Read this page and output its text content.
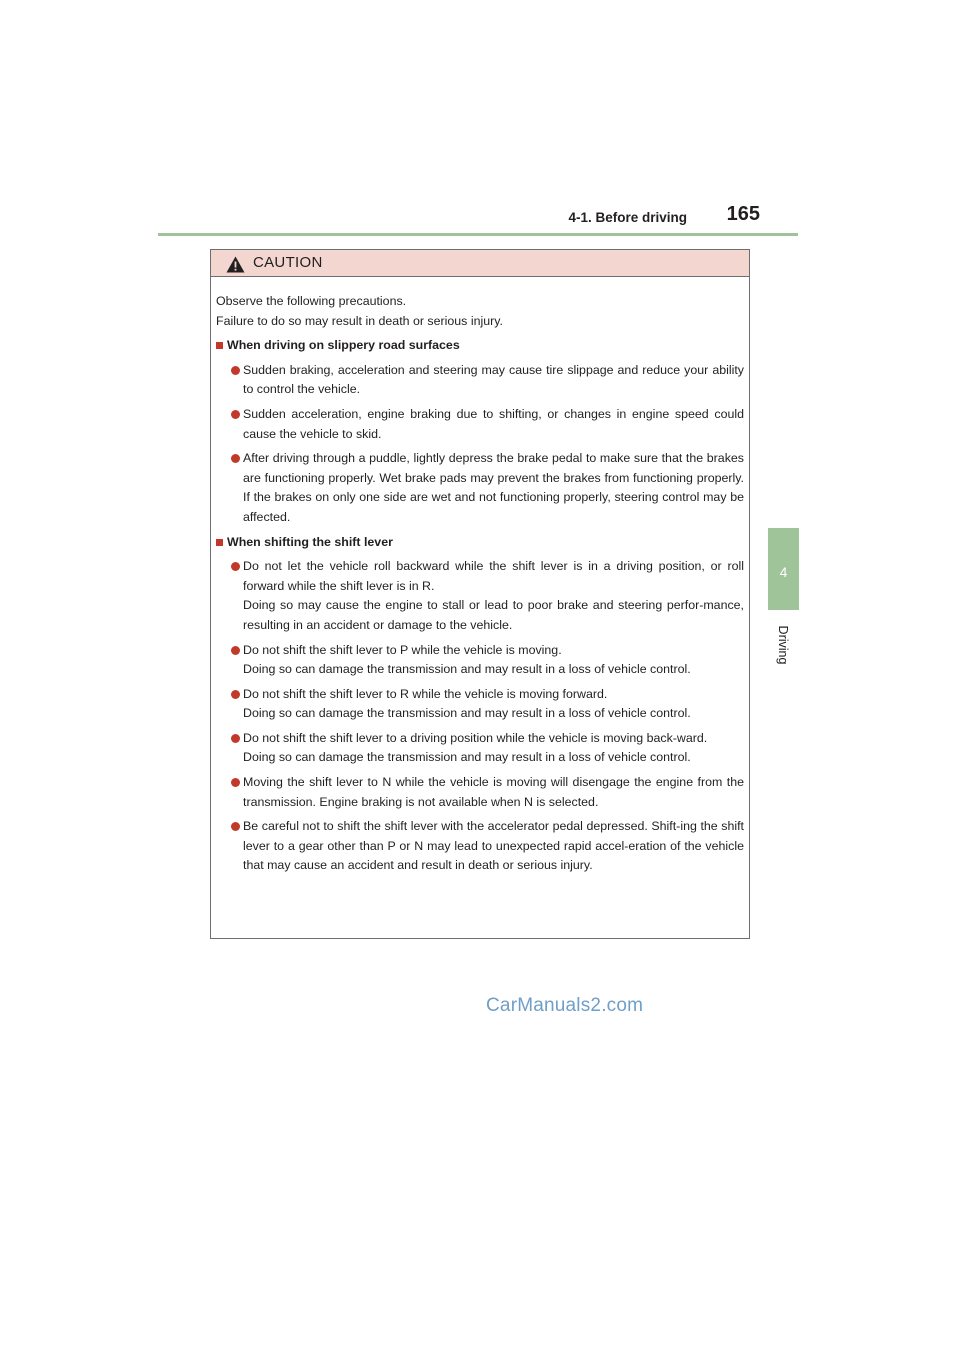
4-1. Before driving	165
4
Driving
CAUTION

Observe the following precautions.

Failure to do so may result in death or serious injury.

When driving on slippery road surfaces
Sudden braking, acceleration and steering may cause tire slippage and reduce your ability to control the vehicle.
Sudden acceleration, engine braking due to shifting, or changes in engine speed could cause the vehicle to skid.
After driving through a puddle, lightly depress the brake pedal to make sure that the brakes are functioning properly. Wet brake pads may prevent the brakes from functioning properly. If the brakes on only one side are wet and not functioning properly, steering control may be affected.
When shifting the shift lever
Do not let the vehicle roll backward while the shift lever is in a driving position, or roll forward while the shift lever is in R.
Doing so may cause the engine to stall or lead to poor brake and steering perfor-mance, resulting in an accident or damage to the vehicle.
Do not shift the shift lever to P while the vehicle is moving.
Doing so can damage the transmission and may result in a loss of vehicle control.
Do not shift the shift lever to R while the vehicle is moving forward.
Doing so can damage the transmission and may result in a loss of vehicle control.
Do not shift the shift lever to a driving position while the vehicle is moving back-ward.
Doing so can damage the transmission and may result in a loss of vehicle control.
Moving the shift lever to N while the vehicle is moving will disengage the engine from the transmission. Engine braking is not available when N is selected.
Be careful not to shift the shift lever with the accelerator pedal depressed. Shift-ing the shift lever to a gear other than P or N may lead to unexpected rapid accel-eration of the vehicle that may cause an accident and result in death or serious injury.
CarManuals2.com
